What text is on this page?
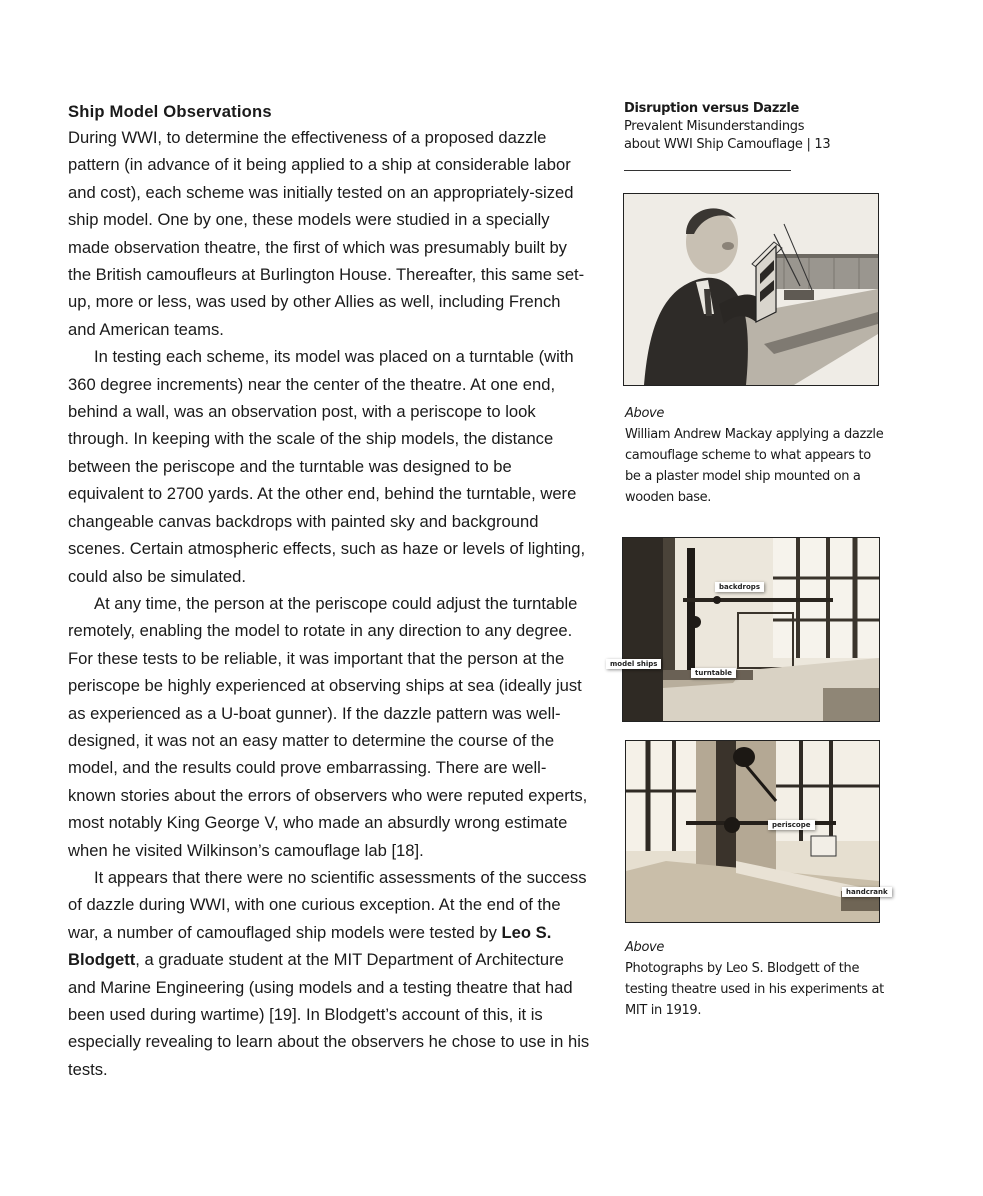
Ship Model Observations

During WWI, to determine the effectiveness of a proposed dazzle pattern (in advance of it being applied to a ship at considerable labor and cost), each scheme was initially tested on an appropriately-sized ship model. One by one, these models were studied in a specially made observation theatre, the first of which was presumably built by the British camoufleurs at Burlington House. Thereafter, this same set-up, more or less, was used by other Allies as well, including French and American teams.

In testing each scheme, its model was placed on a turntable (with 360 degree increments) near the center of the theatre. At one end, behind a wall, was an observation post, with a periscope to look through. In keeping with the scale of the ship models, the distance between the periscope and the turntable was designed to be equivalent to 2700 yards. At the other end, behind the turntable, were changeable canvas backdrops with painted sky and background scenes. Certain atmospheric effects, such as haze or levels of lighting, could also be simulated.

At any time, the person at the periscope could adjust the turntable remotely, enabling the model to rotate in any direction to any degree. For these tests to be reliable, it was important that the person at the periscope be highly experienced at observing ships at sea (ideally just as experienced as a U-boat gunner). If the dazzle pattern was well-designed, it was not an easy matter to determine the course of the model, and the results could prove embarrassing. There are well-known stories about the errors of observers who were reputed experts, most notably King George V, who made an absurdly wrong estimate when he visited Wilkinson’s camouflage lab [18].

It appears that there were no scientific assessments of the success of dazzle during WWI, with one curious exception. At the end of the war, a number of camouflaged ship models were tested by Leo S. Blodgett, a graduate student at the MIT Department of Architecture and Marine Engineering (using models and a testing theatre that had been used during wartime) [19]. In Blodgett’s account of this, it is especially revealing to learn about the observers he chose to use in his tests.

Disruption versus Dazzle
Prevalent Misunderstandings
about WWI Ship Camouflage | 13
Above
William Andrew Mackay applying a dazzle camouflage scheme to what appears to be a plaster model ship mounted on a wooden base.
backdrops
model ships
turntable
periscope
handcrank
Above
Photographs by Leo S. Blodgett of the testing theatre used in his experiments at MIT in 1919.
